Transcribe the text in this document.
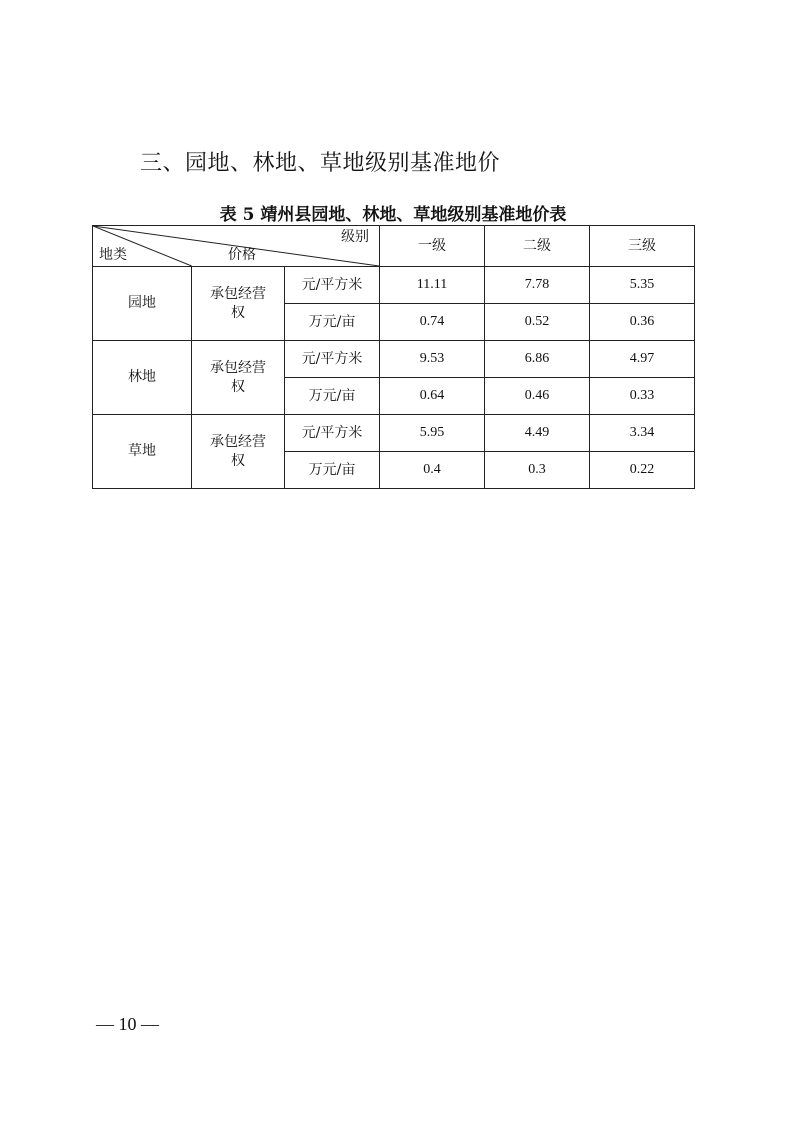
三、园地、林地、草地级别基准地价
表 5 靖州县园地、林地、草地级别基准地价表
级别
价格
地类			一级	二级	三级
园地	承包经营权	元/平方米	11.11	7.78	5.35
		万元/亩	0.74	0.52	0.36
林地	承包经营权	元/平方米	9.53	6.86	4.97
		万元/亩	0.64	0.46	0.33
草地	承包经营权	元/平方米	5.95	4.49	3.34
		万元/亩	0.4	0.3	0.22
— 10 —
